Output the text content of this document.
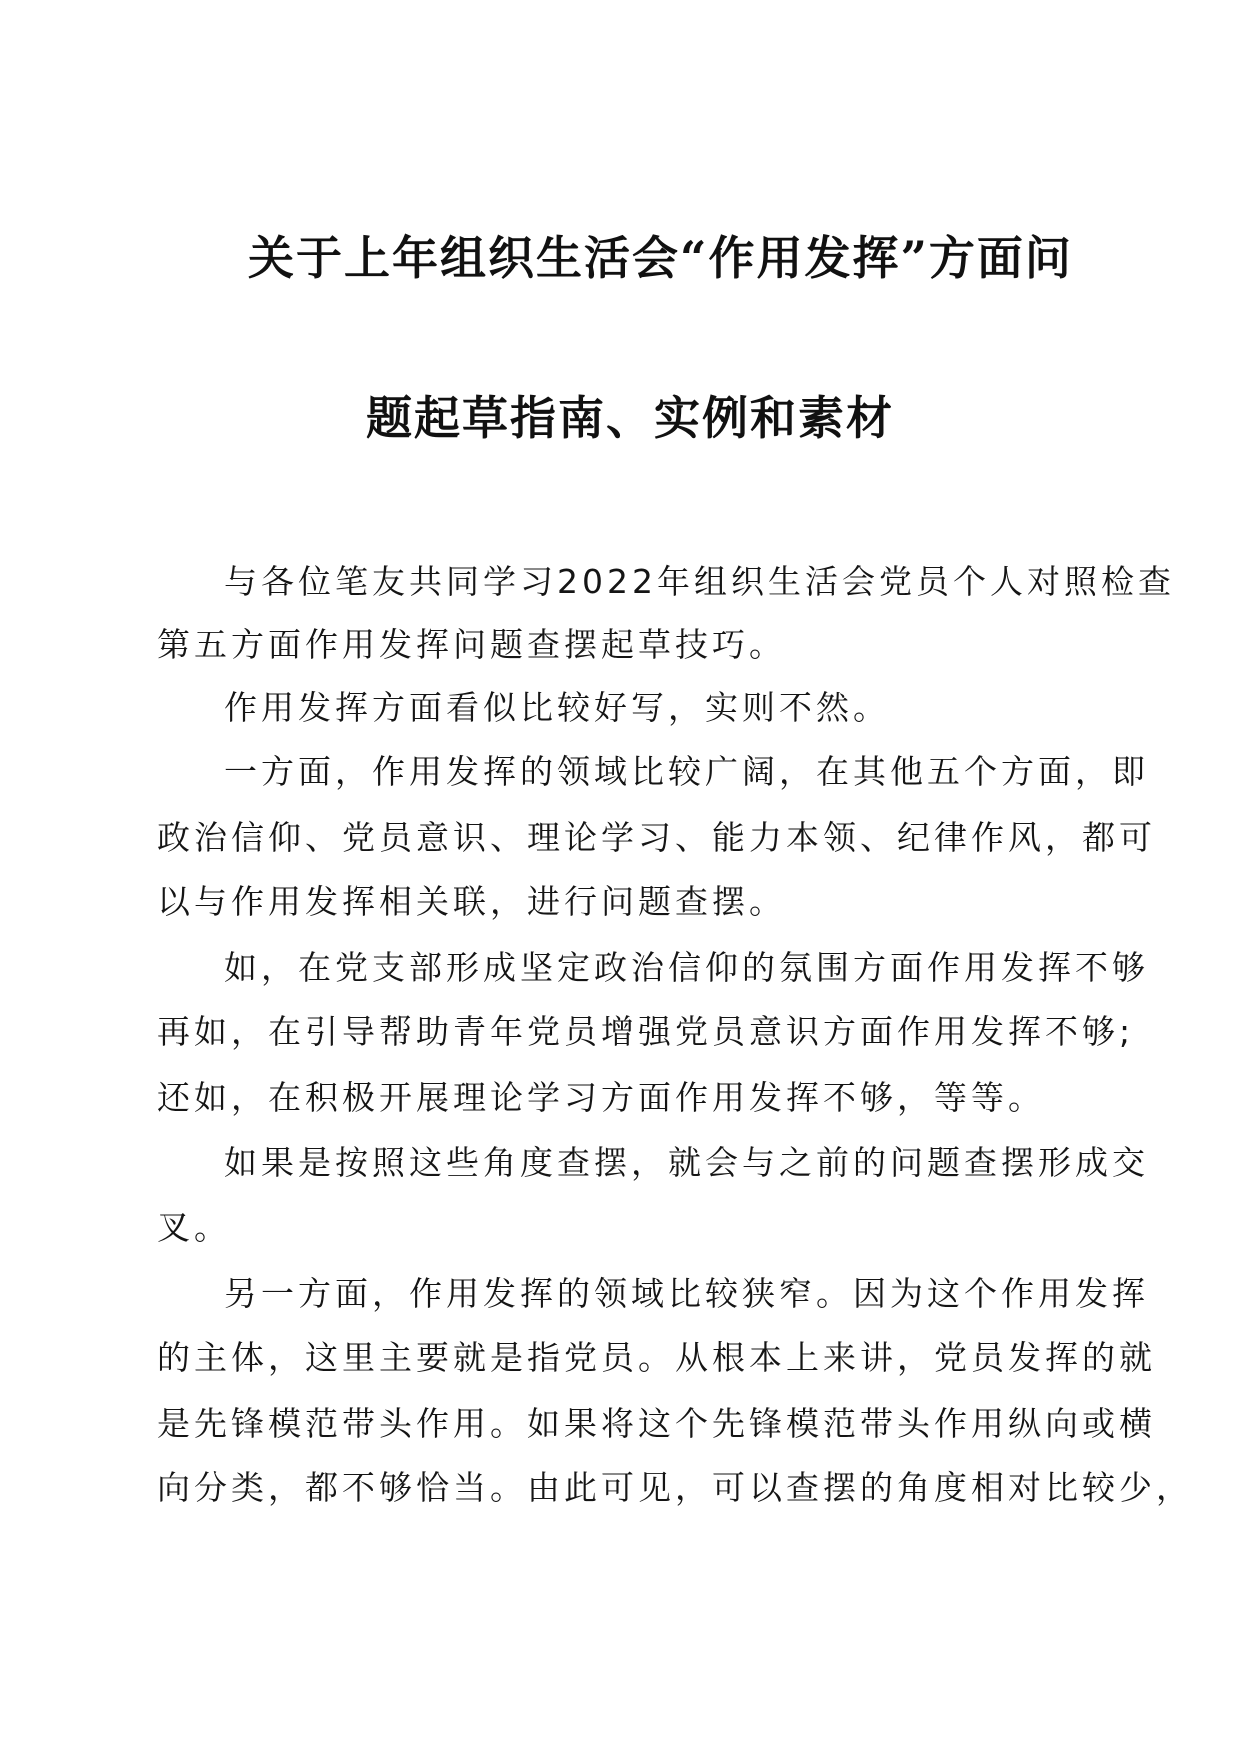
关于上年组织生活会“作用发挥”方面问
题起草指南、实例和素材
与各位笔友共同学习2022年组织生活会党员个人对照检查
第五方面作用发挥问题查摆起草技巧。
作用发挥方面看似比较好写，实则不然。
一方面，作用发挥的领域比较广阔，在其他五个方面，即
政治信仰、党员意识、理论学习、能力本领、纪律作风，都可
以与作用发挥相关联，进行问题查摆。
如，在党支部形成坚定政治信仰的氛围方面作用发挥不够
再如，在引导帮助青年党员增强党员意识方面作用发挥不够;
还如，在积极开展理论学习方面作用发挥不够，等等。
如果是按照这些角度查摆，就会与之前的问题查摆形成交
叉。
另一方面，作用发挥的领域比较狭窄。因为这个作用发挥
的主体，这里主要就是指党员。从根本上来讲，党员发挥的就
是先锋模范带头作用。如果将这个先锋模范带头作用纵向或横
向分类，都不够恰当。由此可见，可以查摆的角度相对比较少，
